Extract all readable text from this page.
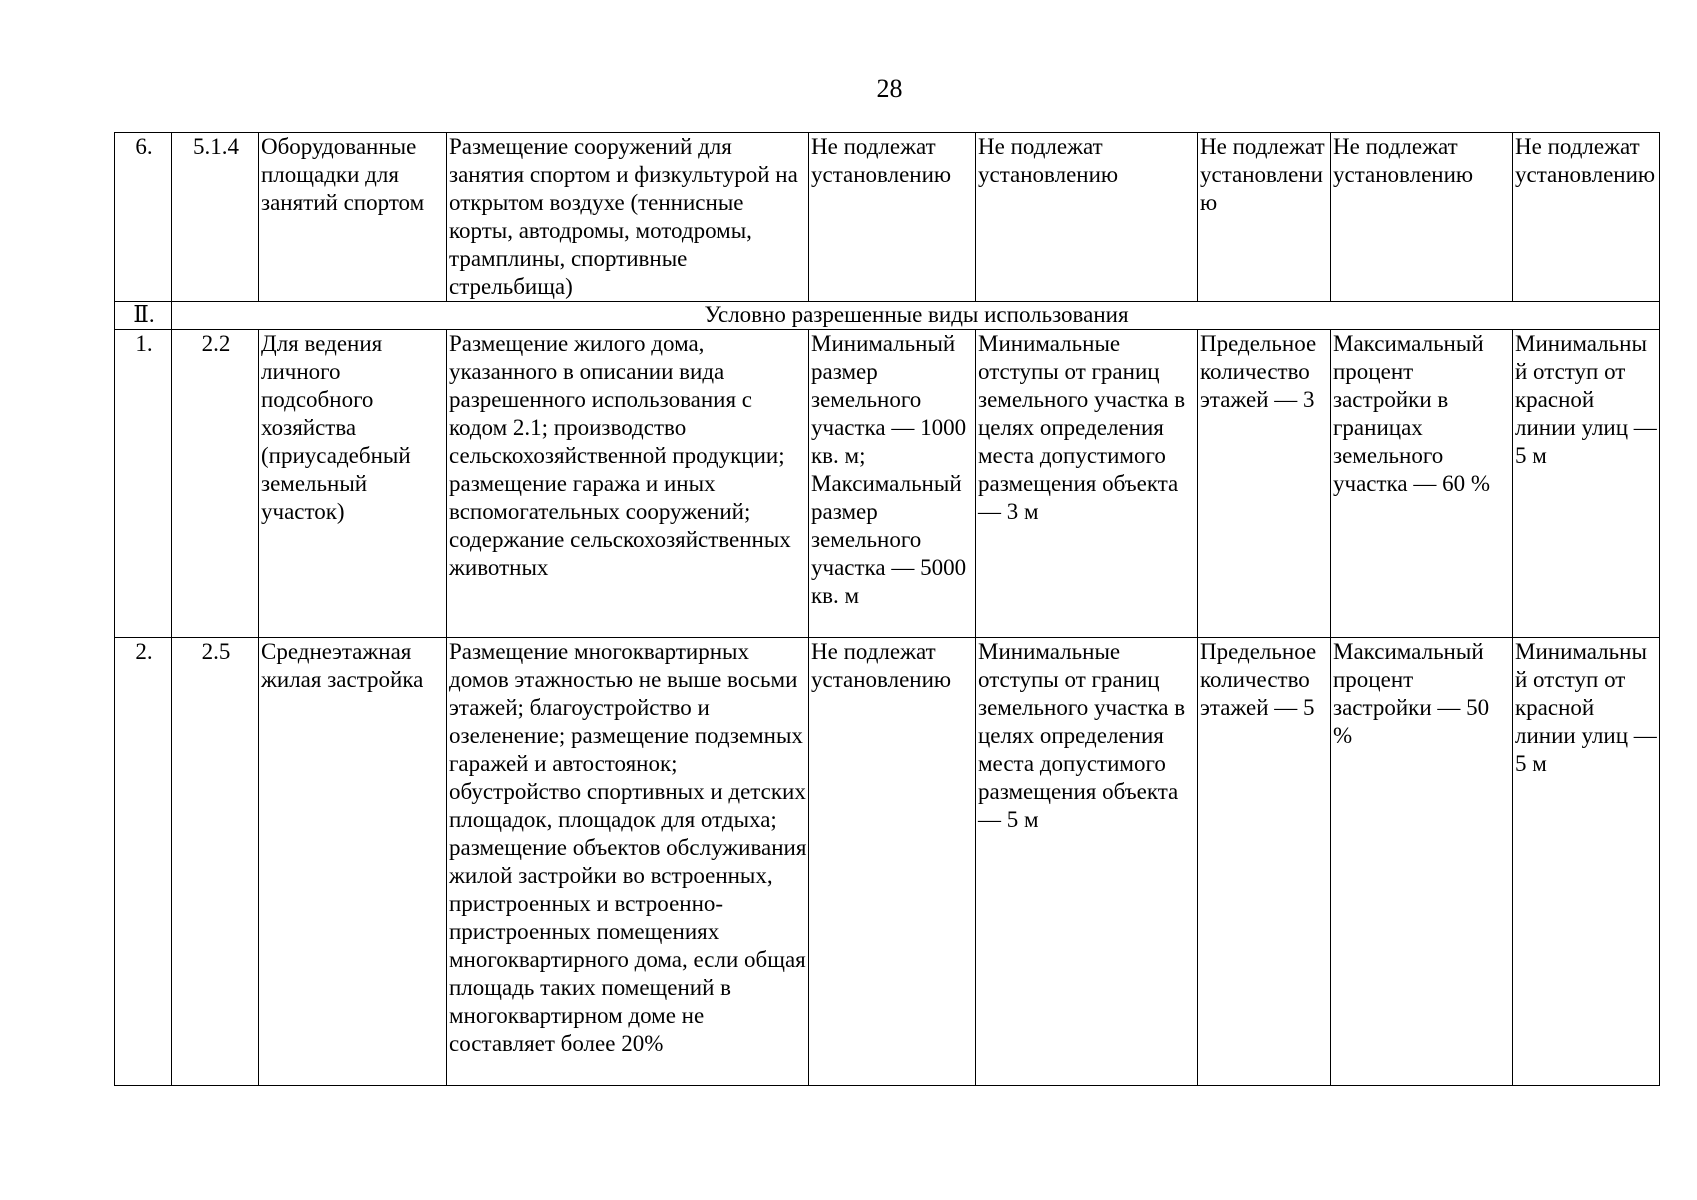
28
6.	5.1.4	Оборудованные площадки для занятий спортом	Размещение сооружений для занятия спортом и физкультурой на открытом воздухе (теннисные корты, автодромы, мотодромы, трамплины, спортивные стрельбища)	Не подлежат установлению	Не подлежат установлению	Не подлежат установлению	Не подлежат установлению	Не подлежат установлению
Ⅱ.	Условно разрешенные виды использования							
1.	2.2	Для ведения личного подсобного хозяйства (приусадебный земельный участок)	Размещение жилого дома, указанного в описании вида разрешенного использования с кодом 2.1; производство сельскохозяйственной продукции; размещение гаража и иных вспомогательных сооружений; содержание сельскохозяйственных животных	Минимальный размер земельного участка — 1000 кв. м; Максимальный размер земельного участка — 5000 кв. м	Минимальные отступы от границ земельного участка в целях определения места допустимого размещения объекта — 3 м	Предельное количество этажей — 3	Максимальный процент застройки в границах земельного участка — 60 %	Минимальный отступ от красной линии улиц — 5 м
2.	2.5	Среднеэтажная жилая застройка	Размещение многоквартирных домов этажностью не выше восьми этажей; благоустройство и озеленение; размещение подземных гаражей и автостоянок; обустройство спортивных и детских площадок, площадок для отдыха; размещение объектов обслуживания жилой застройки во встроенных, пристроенных и встроенно-пристроенных помещениях многоквартирного дома, если общая площадь таких помещений в многоквартирном доме не составляет более 20%	Не подлежат установлению	Минимальные отступы от границ земельного участка в целях определения места допустимого размещения объекта — 5 м	Предельное количество этажей — 5	Максимальный процент застройки — 50 %	Минимальный отступ от красной линии улиц — 5 м
